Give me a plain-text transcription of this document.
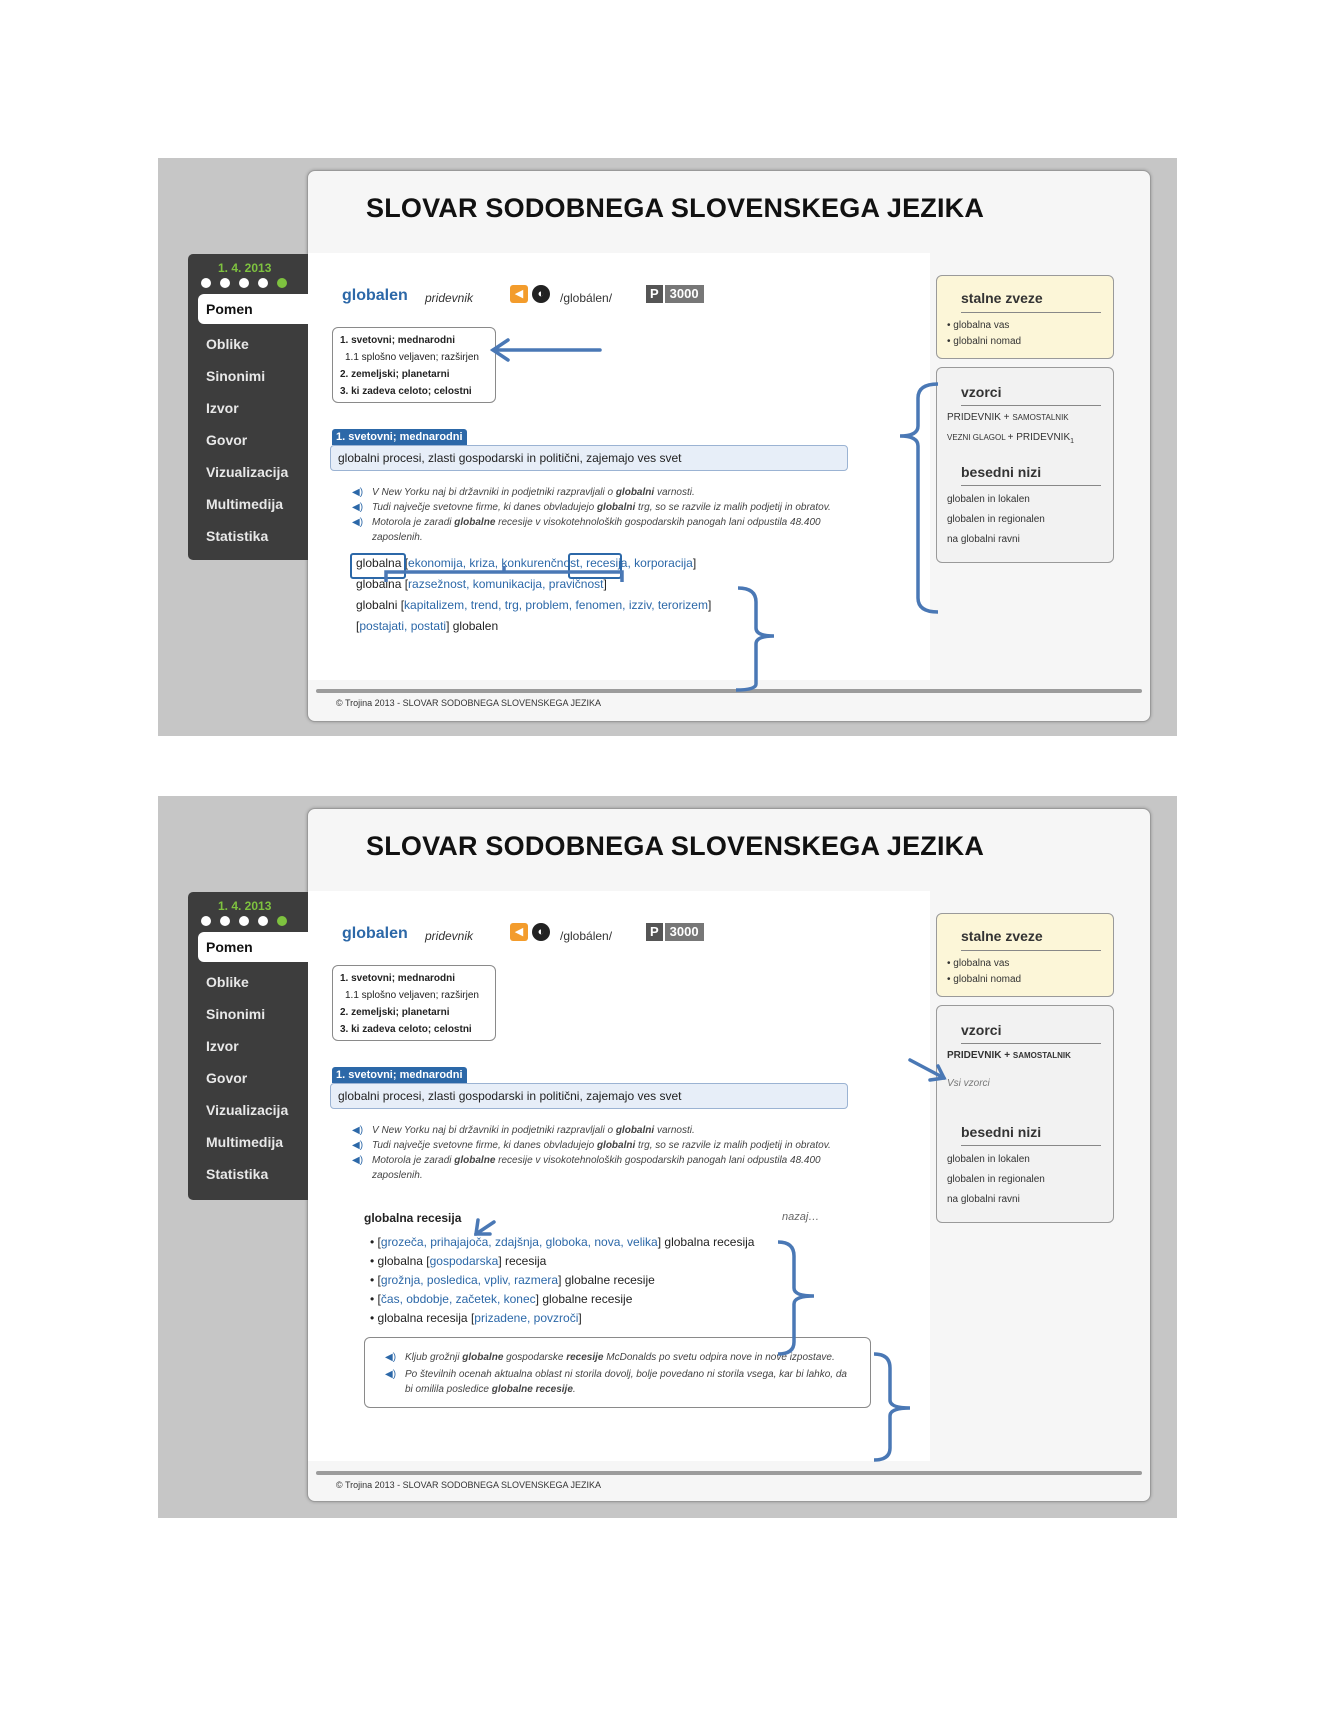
SLOVAR SODOBNEGA SLOVENSKEGA JEZIKA
globalen pridevnik	◀	◐	/globálen/	P 3000
1. svetovni; mednarodni
1.1 splošno veljaven; razširjen
2. zemeljski; planetarni
3. ki zadeva celoto; celostni
1. svetovni; mednarodni
globalni procesi, zlasti gospodarski in politični, zajemajo ves svet
◀) V New Yorku naj bi državniki in podjetniki razpravljali o globalni varnosti.
◀) Tudi največje svetovne firme, ki danes obvladujejo globalni trg, so se razvile iz malih podjetij in obratov.
◀) Motorola je zaradi globalne recesije v visokotehnoloških gospodarskih panogah lani odpustila 48.400 zaposlenih.
globalna [ekonomija, kriza, konkurenčnost, recesija, korporacija]
globalna [razsežnost, komunikacija, pravičnost]
globalni [kapitalizem, trend, trg, problem, fenomen, izziv, terorizem]
[postajati, postati] globalen
stalne zveze
• globalna vas
• globalni nomad
vzorci
PRIDEVNIK + SAMOSTALNIK
VEZNI GLAGOL + $PRIDEVNIK_1$
besedni nizi
globalen in lokalen
globalen in regionalen
na globalni ravni
© Trojina 2013 - SLOVAR SODOBNEGA SLOVENSKEGA JEZIKA
1. 4. 2013
Pomen
Oblike
Sinonimi
Izvor
Govor
Vizualizacija
Multimedija
Statistika
SLOVAR SODOBNEGA SLOVENSKEGA JEZIKA
globalen pridevnik	◀	◐	/globálen/	P 3000
1. svetovni; mednarodni
1.1 splošno veljaven; razširjen
2. zemeljski; planetarni
3. ki zadeva celoto; celostni
1. svetovni; mednarodni
globalni procesi, zlasti gospodarski in politični, zajemajo ves svet
◀) V New Yorku naj bi državniki in podjetniki razpravljali o globalni varnosti.
◀) Tudi največje svetovne firme, ki danes obvladujejo globalni trg, so se razvile iz malih podjetij in obratov.
◀) Motorola je zaradi globalne recesije v visokotehnoloških gospodarskih panogah lani odpustila 48.400 zaposlenih.
globalna recesija	nazaj…
• [grozeča, prihajajoča, zdajšnja, globoka, nova, velika] globalna recesija
• globalna [gospodarska] recesija
• [grožnja, posledica, vpliv, razmera] globalne recesije
• [čas, obdobje, začetek, konec] globalne recesije
• globalna recesija [prizadene, povzroči]
◀) Kljub grožnji globalne gospodarske recesije McDonalds po svetu odpira nove in nove izpostave.
◀) Po številnih ocenah aktualna oblast ni storila dovolj, bolje povedano ni storila vsega, kar bi lahko, da bi omilila posledice globalne recesije.
stalne zveze
• globalna vas
• globalni nomad
vzorci
PRIDEVNIK + SAMOSTALNIK
Vsi vzorci
besedni nizi
globalen in lokalen
globalen in regionalen
na globalni ravni
© Trojina 2013 - SLOVAR SODOBNEGA SLOVENSKEGA JEZIKA
1. 4. 2013
Pomen
Oblike
Sinonimi
Izvor
Govor
Vizualizacija
Multimedija
Statistika
